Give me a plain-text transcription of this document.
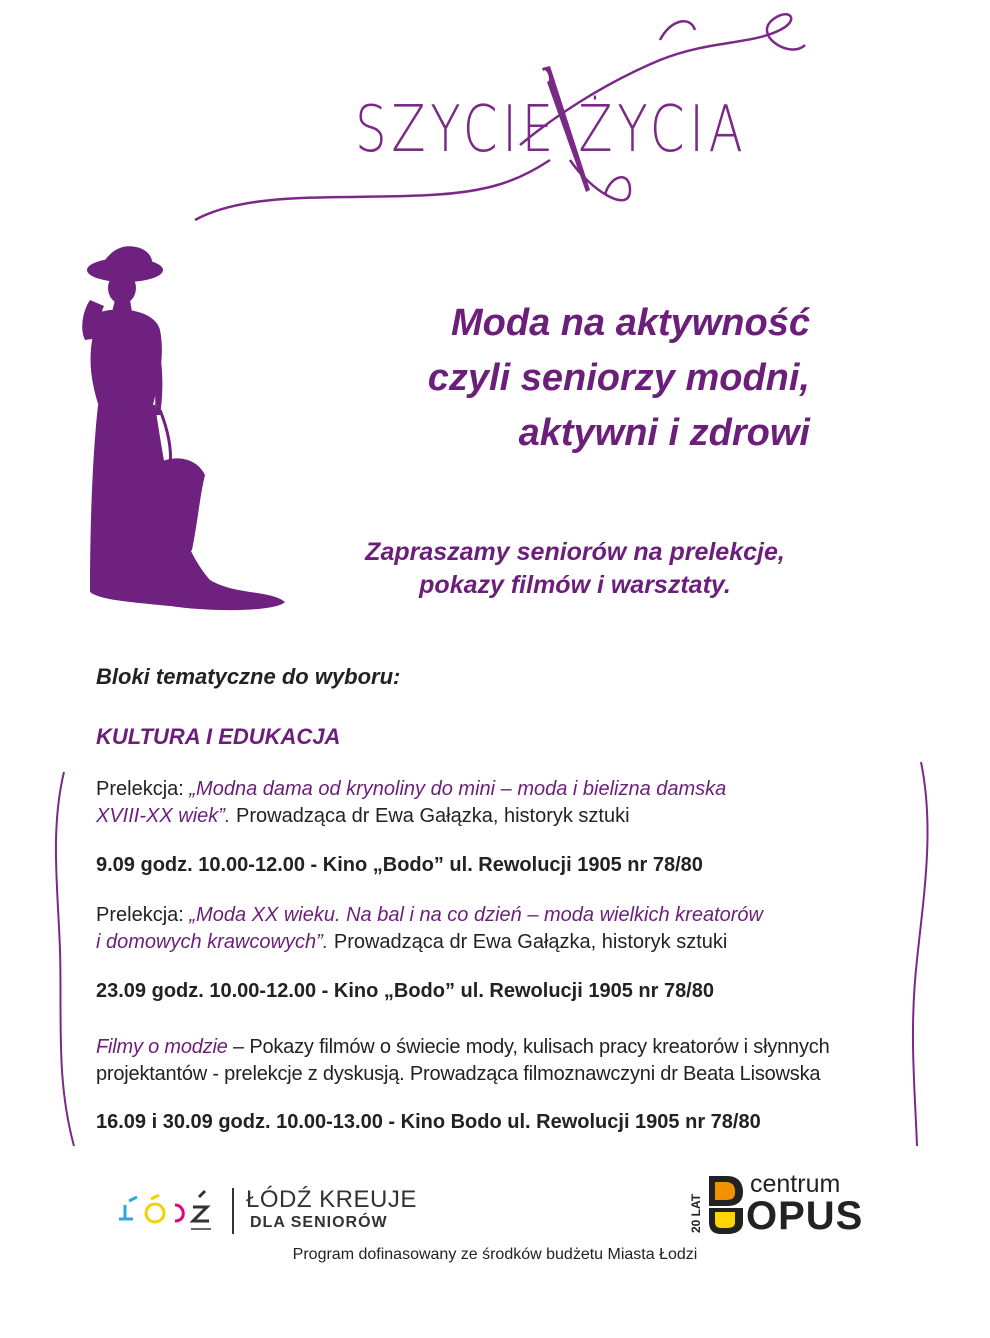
SZYCIE ŻYCIA
Moda na aktywność
czyli seniorzy modni,
aktywni i zdrowi
Zapraszamy seniorów na prelekcje,
pokazy filmów i warsztaty.
Bloki tematyczne do wyboru:
KULTURA I EDUKACJA
Prelekcja: „Modna dama od krynoliny do mini – moda i bielizna damska
XVIII-XX wiek”. Prowadząca dr Ewa Gałązka, historyk sztuki
9.09 godz. 10.00-12.00 - Kino „Bodo” ul. Rewolucji 1905 nr 78/80
Prelekcja: „Moda XX wieku. Na bal i na co dzień – moda wielkich kreatorów
i domowych krawcowych”. Prowadząca dr Ewa Gałązka, historyk sztuki
23.09 godz. 10.00-12.00 - Kino „Bodo” ul. Rewolucji 1905 nr 78/80
Filmy o modzie – Pokazy filmów o świecie mody, kulisach pracy kreatorów i słynnych
projektantów - prelekcje z dyskusją. Prowadząca filmoznawczyni dr Beata Lisowska
16.09 i 30.09 godz. 10.00-13.00 - Kino Bodo ul. Rewolucji 1905 nr 78/80
ŁÓDŹ KREUJE
DLA SENIORÓW	20 LAT
centrum
OPUS
Program dofinasowany ze środków budżetu Miasta Łodzi
